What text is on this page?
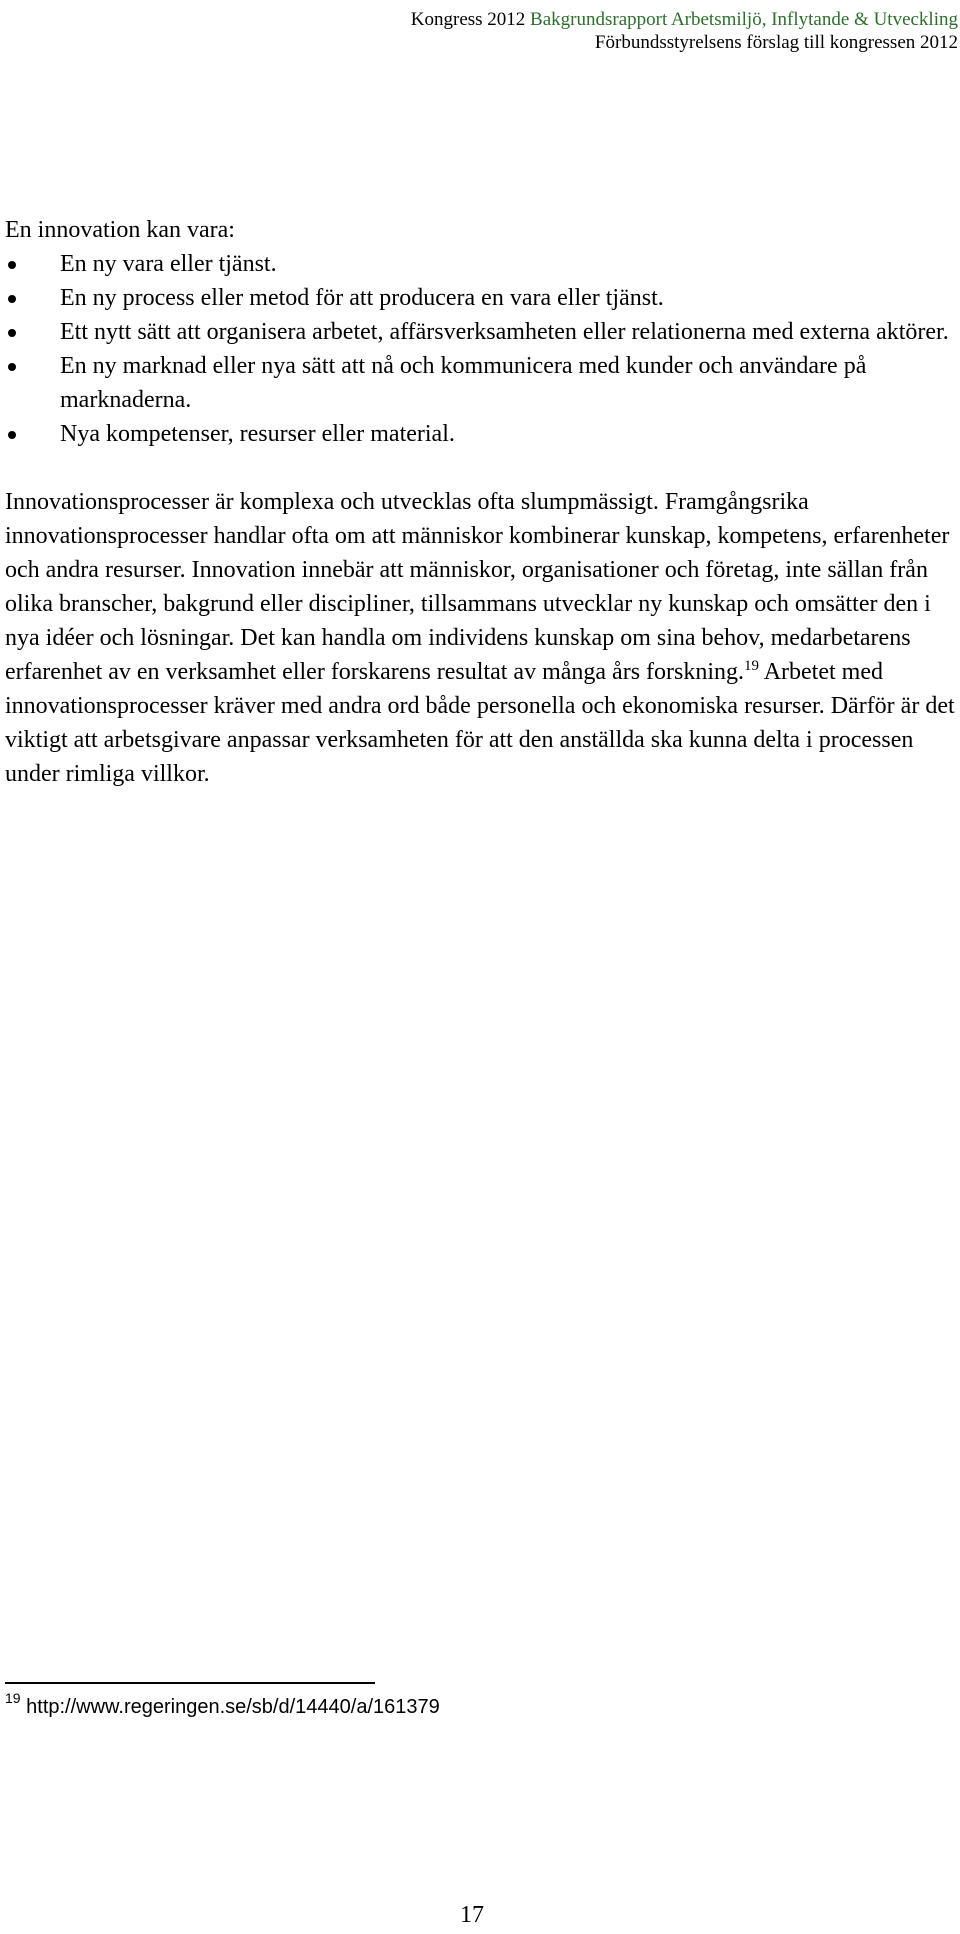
Kongress 2012 Bakgrundsrapport Arbetsmiljö, Inflytande & Utveckling
Förbundsstyrelsens förslag till kongressen 2012

En innovation kan vara:

En ny vara eller tjänst.
En ny process eller metod för att producera en vara eller tjänst.
Ett nytt sätt att organisera arbetet, affärsverksamheten eller relationerna med externa aktörer.
En ny marknad eller nya sätt att nå och kommunicera med kunder och användare på marknaderna.
Nya kompetenser, resurser eller material.

Innovationsprocesser är komplexa och utvecklas ofta slumpmässigt. Framgångsrika innovationsprocesser handlar ofta om att människor kombinerar kunskap, kompetens, erfarenheter och andra resurser. Innovation innebär att människor, organisationer och företag, inte sällan från olika branscher, bakgrund eller discipliner, tillsammans utvecklar ny kunskap och omsätter den i nya idéer och lösningar. Det kan handla om individens kunskap om sina behov, medarbetarens erfarenhet av en verksamhet eller forskarens resultat av många års forskning.$^{19}$ Arbetet med innovationsprocesser kräver med andra ord både personella och ekonomiska resurser. Därför är det viktigt att arbetsgivare anpassar verksamheten för att den anställda ska kunna delta i processen under rimliga villkor.

$^{19}$ http://www.regeringen.se/sb/d/14440/a/161379
17
